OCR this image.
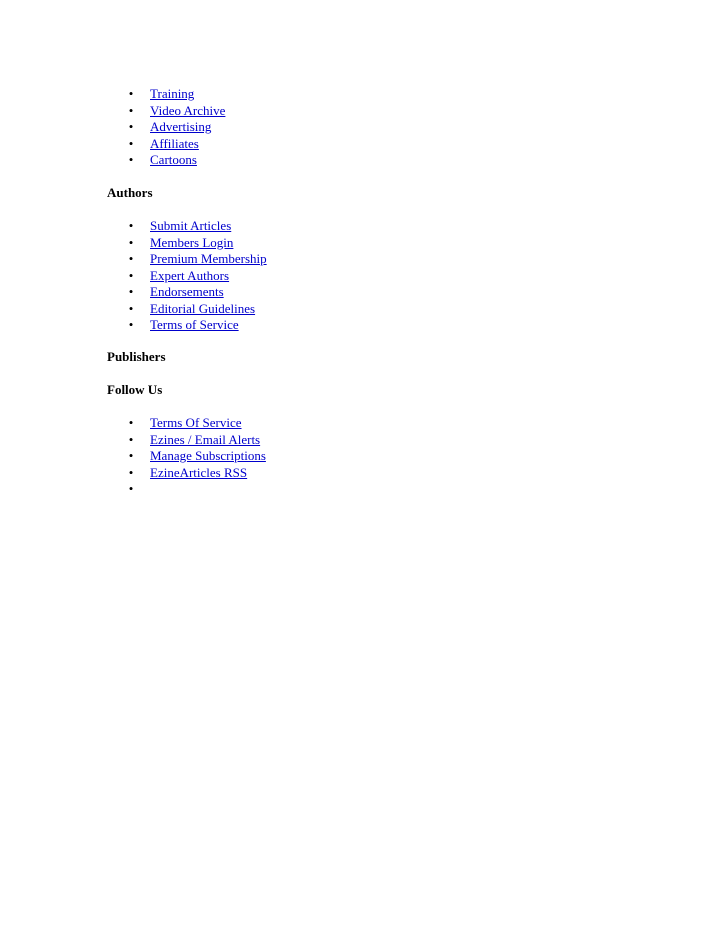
• Training
• Video Archive
• Advertising
• Affiliates
• Cartoons

Authors

• Submit Articles
• Members Login
• Premium Membership
• Expert Authors
• Endorsements
• Editorial Guidelines
• Terms of Service

Publishers

Follow Us

• Terms Of Service
• Ezines / Email Alerts
• Manage Subscriptions
• EzineArticles RSS
•
